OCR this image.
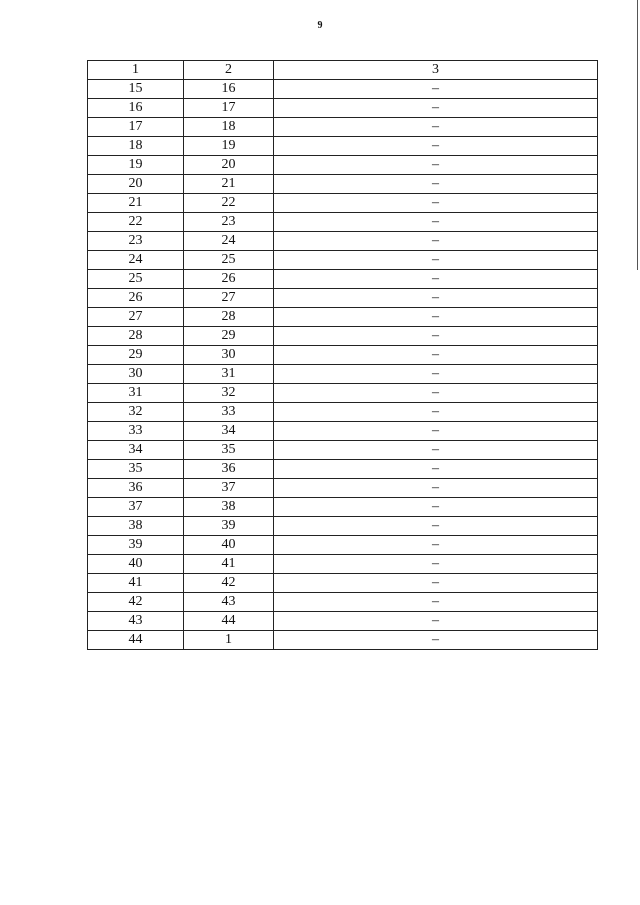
9
1	2	3
15	16	–
16	17	–
17	18	–
18	19	–
19	20	–
20	21	–
21	22	–
22	23	–
23	24	–
24	25	–
25	26	–
26	27	–
27	28	–
28	29	–
29	30	–
30	31	–
31	32	–
32	33	–
33	34	–
34	35	–
35	36	–
36	37	–
37	38	–
38	39	–
39	40	–
40	41	–
41	42	–
42	43	–
43	44	–
44	1	–
